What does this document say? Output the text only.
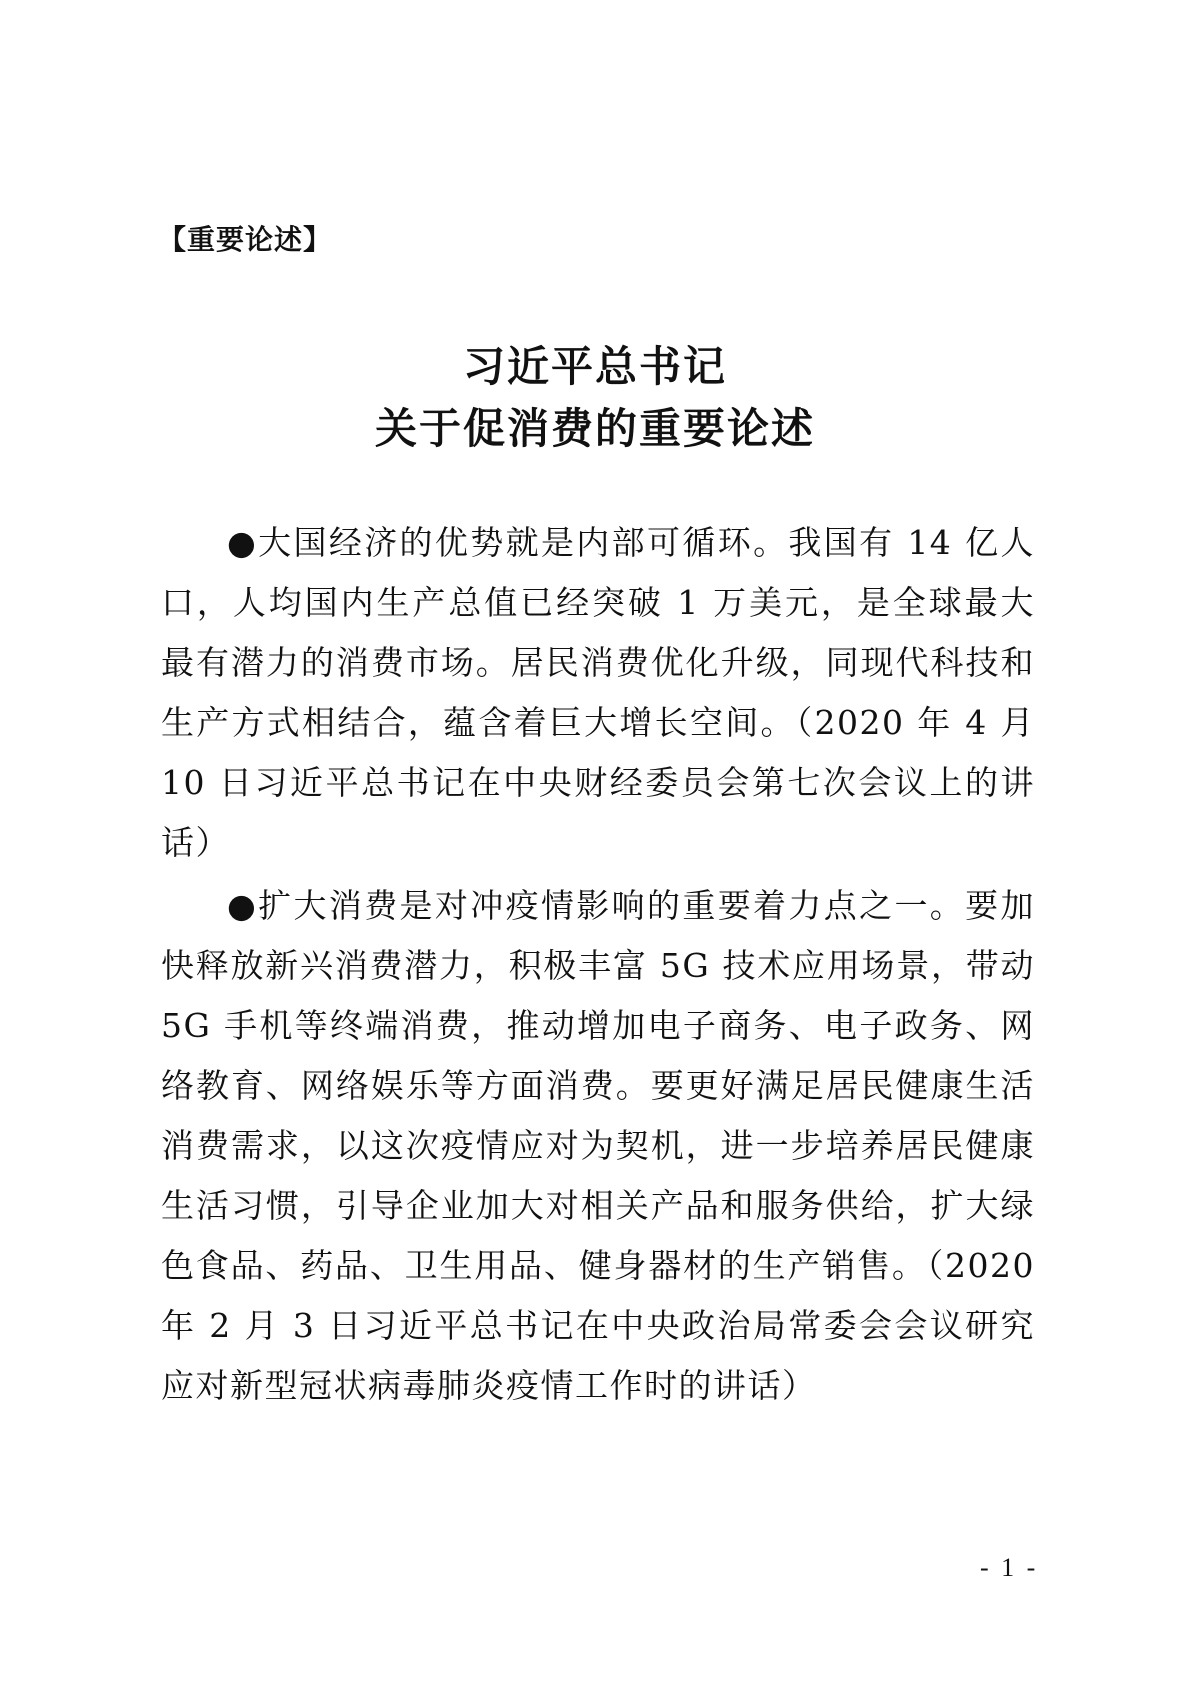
【重要论述】
习近平总书记
关于促消费的重要论述
●大国经济的优势就是内部可循环。我国有 14 亿人口，人均国内生产总值已经突破 1 万美元，是全球最大最有潜力的消费市场。居民消费优化升级，同现代科技和生产方式相结合，蕴含着巨大增长空间。（2020 年 4 月 10 日习近平总书记在中央财经委员会第七次会议上的讲话）
●扩大消费是对冲疫情影响的重要着力点之一。要加快释放新兴消费潜力，积极丰富 5G 技术应用场景，带动 5G 手机等终端消费，推动增加电子商务、电子政务、网络教育、网络娱乐等方面消费。要更好满足居民健康生活消费需求，以这次疫情应对为契机，进一步培养居民健康生活习惯，引导企业加大对相关产品和服务供给，扩大绿色食品、药品、卫生用品、健身器材的生产销售。（2020 年 2 月 3 日习近平总书记在中央政治局常委会会议研究应对新型冠状病毒肺炎疫情工作时的讲话）
- 1 -
